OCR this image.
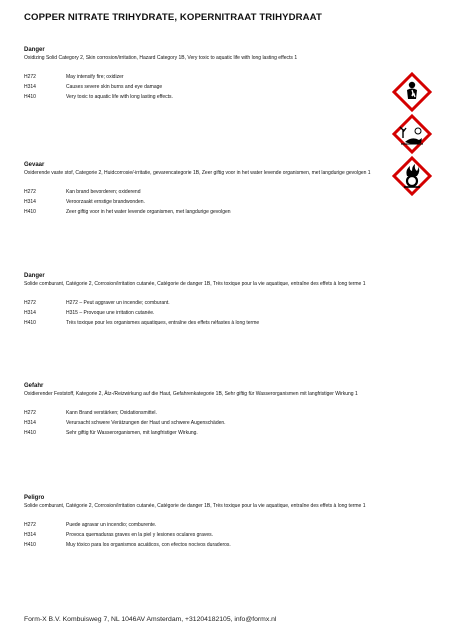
COPPER NITRATE TRIHYDRATE, KOPERNITRAAT TRIHYDRAAT
Danger
Oxidizing Solid Category 2, Skin corrosion/irritation, Hazard Category 1B, Very toxic to aquatic life with long lasting effects 1
H272	May intensify fire; oxidizer
H314	Causes severe skin burns and eye damage
H410	Very toxic to aquatic life with long lasting effects.
Gevaar
Oxiderende vaste stof, Categorie 2, Huidcorrosie/-irritatie, gevarencategorie 1B, Zeer giftig voor in het water levende organismen, met langdurige gevolgen 1
H272	Kan brand bevorderen; oxiderend
H314	Veroorzaakt ernstige brandwonden.
H410	Zeer giftig voor in het water levende organismen, met langdurige gevolgen
Danger
Solide comburant, Catégorie 2, Corrosion/irritation cutanée, Catégorie de danger 1B, Très toxique pour la vie aquatique, entraîne des effets à long terme 1
H272	H272 – Peut aggraver un incendie; comburant.
H314	H315 – Provoque une irritation cutanée.
H410	Très toxique pour les organismes aquatiques, entraîne des effets néfastes à long terme
Gefahr
Oxidierender Feststoff, Kategorie 2, Ätz-/Reizwirkung auf die Haut, Gefahrenkategorie 1B, Sehr giftig für Wasserorganismen mit langfristiger Wirkung 1
H272	Kann Brand verstärken; Oxidationsmittel.
H314	Verursacht schwere Verätzungen der Haut und schwere Augenschäden.
H410	Sehr giftig für Wasserorganismen, mit langfristiger Wirkung.
Peligro
Solide comburant, Catégorie 2, Corrosion/irritation cutanée, Catégorie de danger 1B, Très toxique pour la vie aquatique, entraîne des effets à long terme 1
H272	Puede agravar un incendio; comburente.
H314	Provoca quemaduras graves en la piel y lesiones oculares graves.
H410	Muy tóxico para los organismos acuáticos, con efectos nocivos duraderos.
Form-X B.V. Kombuisweg 7, NL 1046AV Amsterdam, +31204182105, info@formx.nl
